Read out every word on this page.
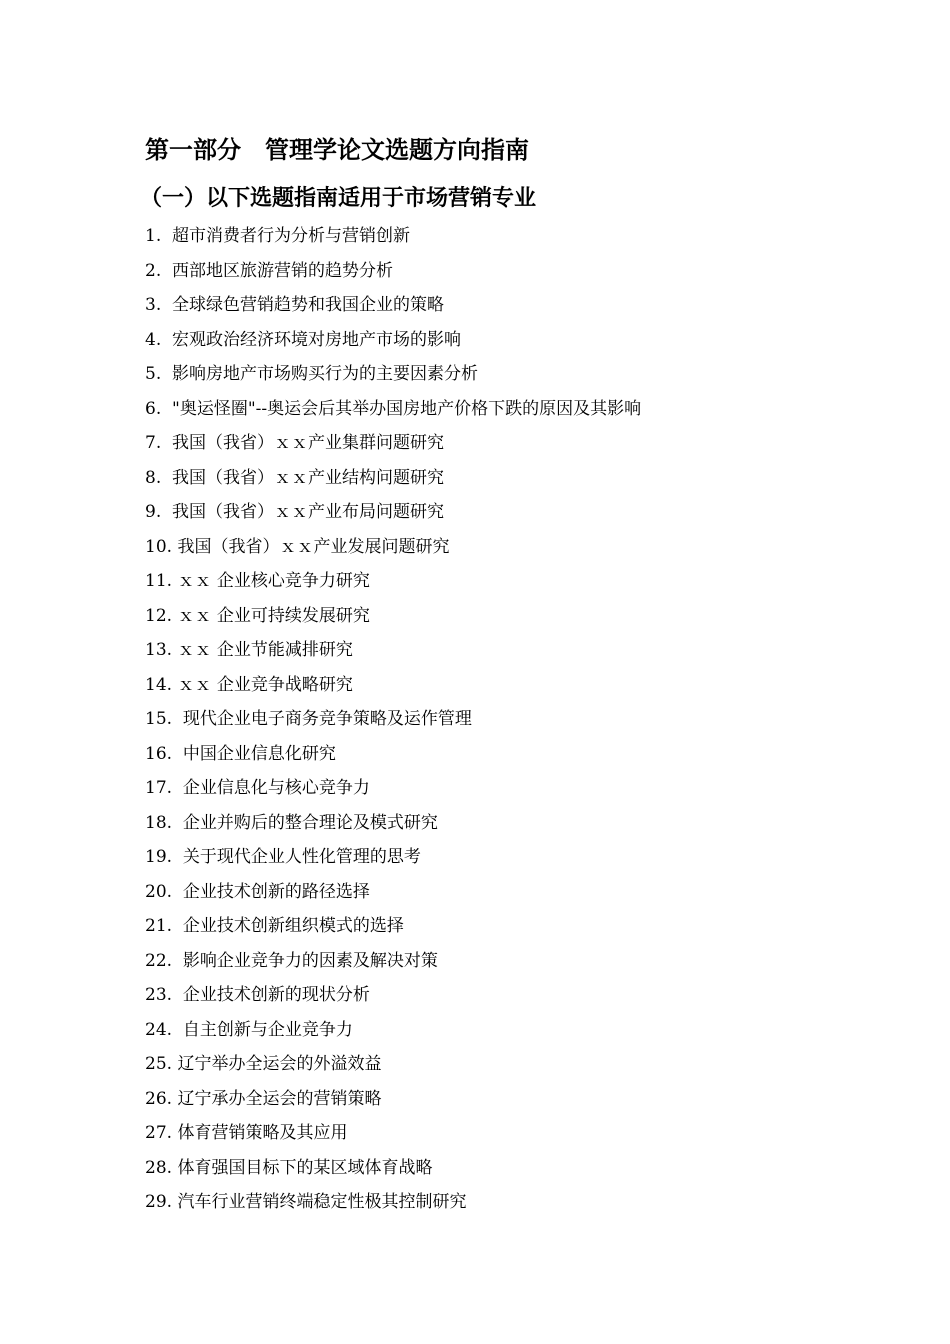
第一部分　管理学论文选题方向指南
（一）以下选题指南适用于市场营销专业
1.  超市消费者行为分析与营销创新
2.  西部地区旅游营销的趋势分析
3.  全球绿色营销趋势和我国企业的策略
4.  宏观政治经济环境对房地产市场的影响
5.  影响房地产市场购买行为的主要因素分析
6.  "奥运怪圈"--奥运会后其举办国房地产价格下跌的原因及其影响
7.  我国（我省）ｘｘ产业集群问题研究
8.  我国（我省）ｘｘ产业结构问题研究
9.  我国（我省）ｘｘ产业布局问题研究
10. 我国（我省）ｘｘ产业发展问题研究
11. ｘｘ 企业核心竞争力研究
12. ｘｘ 企业可持续发展研究
13. ｘｘ 企业节能减排研究
14. ｘｘ 企业竞争战略研究
15.  现代企业电子商务竞争策略及运作管理
16.  中国企业信息化研究
17.  企业信息化与核心竞争力
18.  企业并购后的整合理论及模式研究
19.  关于现代企业人性化管理的思考
20.  企业技术创新的路径选择
21.  企业技术创新组织模式的选择
22.  影响企业竞争力的因素及解决对策
23.  企业技术创新的现状分析
24.  自主创新与企业竞争力
25. 辽宁举办全运会的外溢效益
26. 辽宁承办全运会的营销策略
27. 体育营销策略及其应用
28. 体育强国目标下的某区域体育战略
29. 汽车行业营销终端稳定性极其控制研究
